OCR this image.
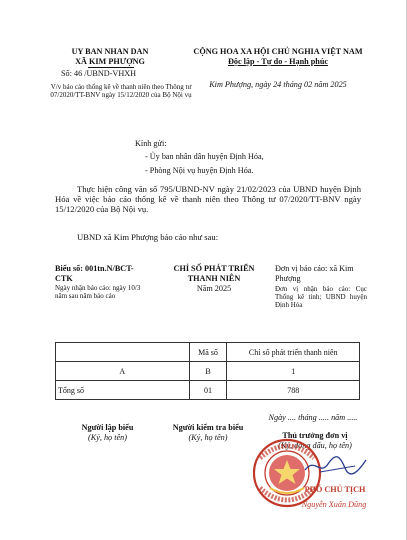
UY BAN NHAN DAN
XÃ KIM PHƯỢNG
Số: 46 /UBND-VHXH
V/v báo cáo thống kê về thanh niên theo Thông tư 07/2020/TT-BNV ngày 15/12/2020 của Bộ Nội vụ
CỘNG HOA XA HỘI CHỦ NGHIA VIỆT NAM
Độc lập - Tự do - Hạnh phúc
Kim Phượng, ngày 24 tháng 02 năm 2025
Kính gửi:
- Ủy ban nhân dân huyện Định Hóa,
- Phòng Nội vụ huyện Định Hóa.
Thực hiện công văn số 795/UBND-NV ngày 21/02/2023 của UBND huyện Định Hóa về việc báo cáo thống kê về thanh niên theo Thông tư 07/2020/TT-BNV ngày 15/12/2020 của Bộ Nội vụ.
UBND xã Kim Phượng báo cáo như sau:
Biểu số: 001tn.N/BCT-CTK
Ngày nhận báo cáo: ngày 10/3 năm sau năm báo cáo
CHỈ SỐ PHÁT TRIỂN THANH NIÊN
Năm 2025
Đơn vị báo cáo: xã Kim Phượng
Đơn vị nhận báo cáo: Cục Thống kê tỉnh; UBND huyện Định Hóa
	Mã số	Chỉ số phát triển thanh niên
A	B	1
Tổng số	01	788
Người lập biểu
(Ký, họ tên)
Người kiểm tra biểu
(Ký, họ tên)
Ngày .... tháng ..... năm .....
Thủ trưởng đơn vị
(Ký, đóng dấu, họ tên)
PHÓ CHỦ TỊCH
Nguyễn Xuân Dũng
